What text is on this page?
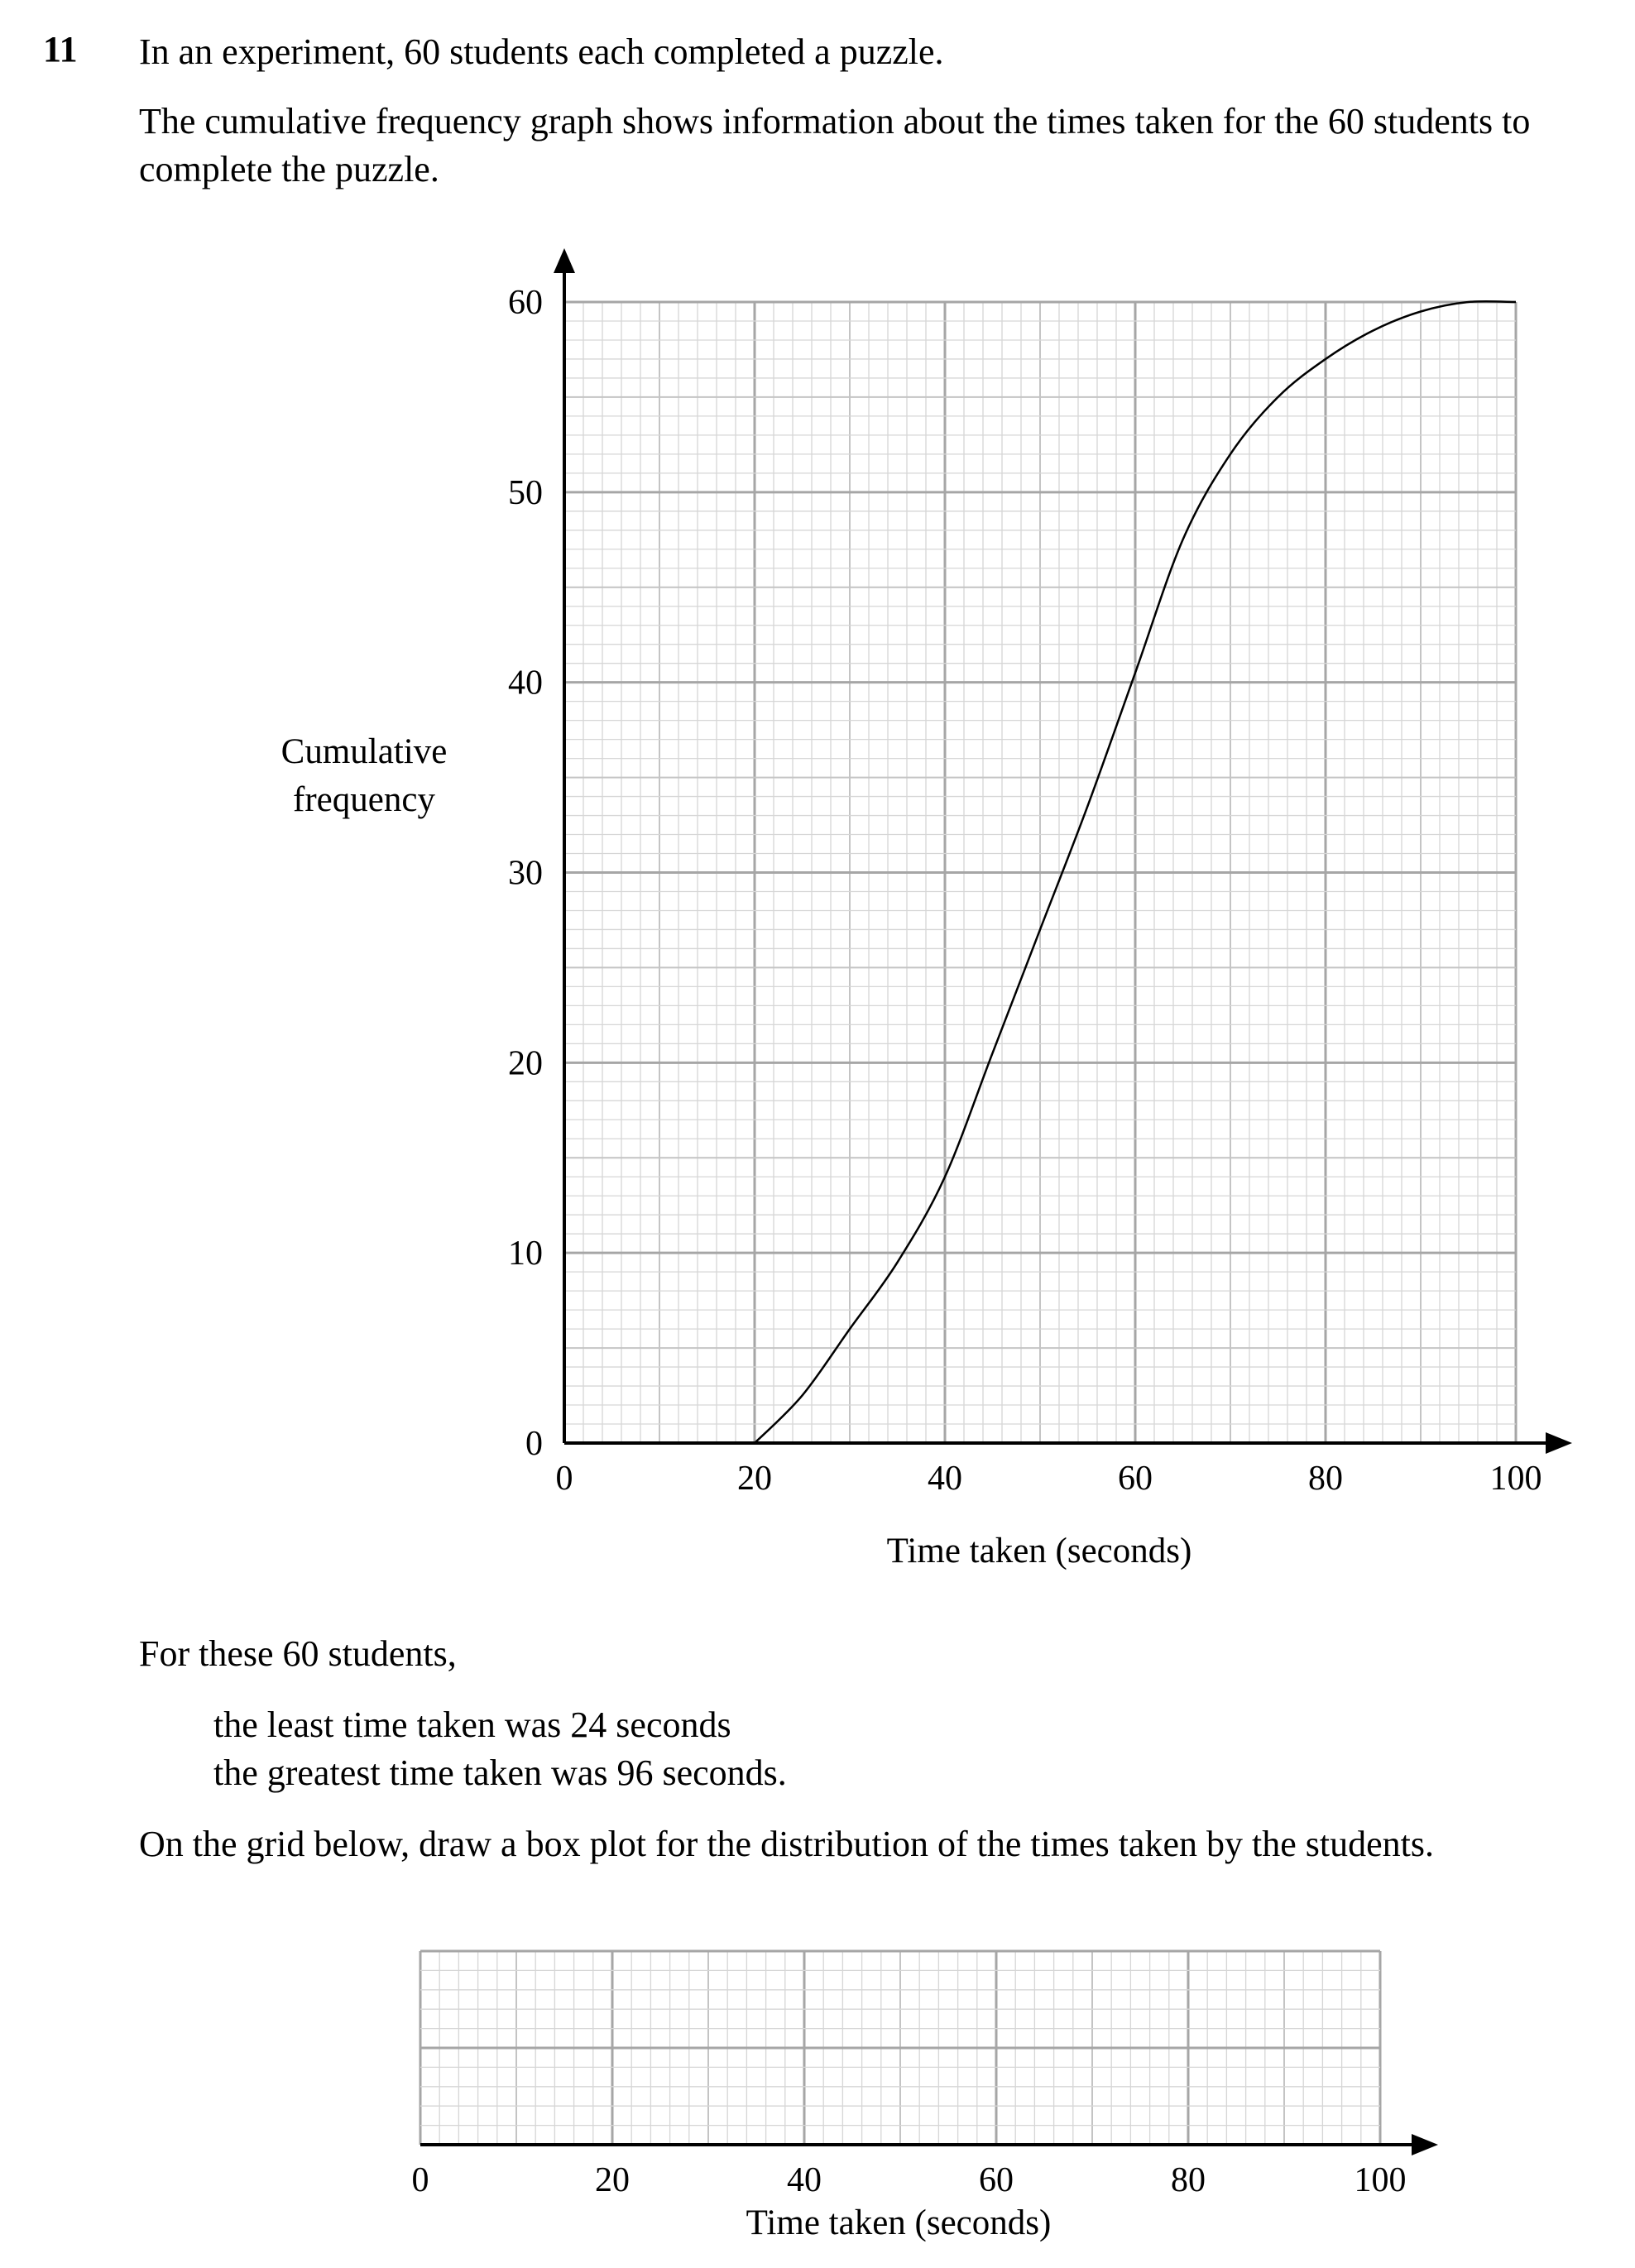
11 In an experiment, 60 students each completed a puzzle.
The cumulative frequency graph shows information about the times taken for the 60 students to complete the puzzle.
0	20	40	60	80	100
0
10
20
30
40
50
60
Cumulative
frequency
Time taken (seconds)
For these 60 students,
the least time taken was 24 seconds
the greatest time taken was 96 seconds.
On the grid below, draw a box plot for the distribution of the times taken by the students.
0	20	40	60	80	100
Time taken (seconds)
